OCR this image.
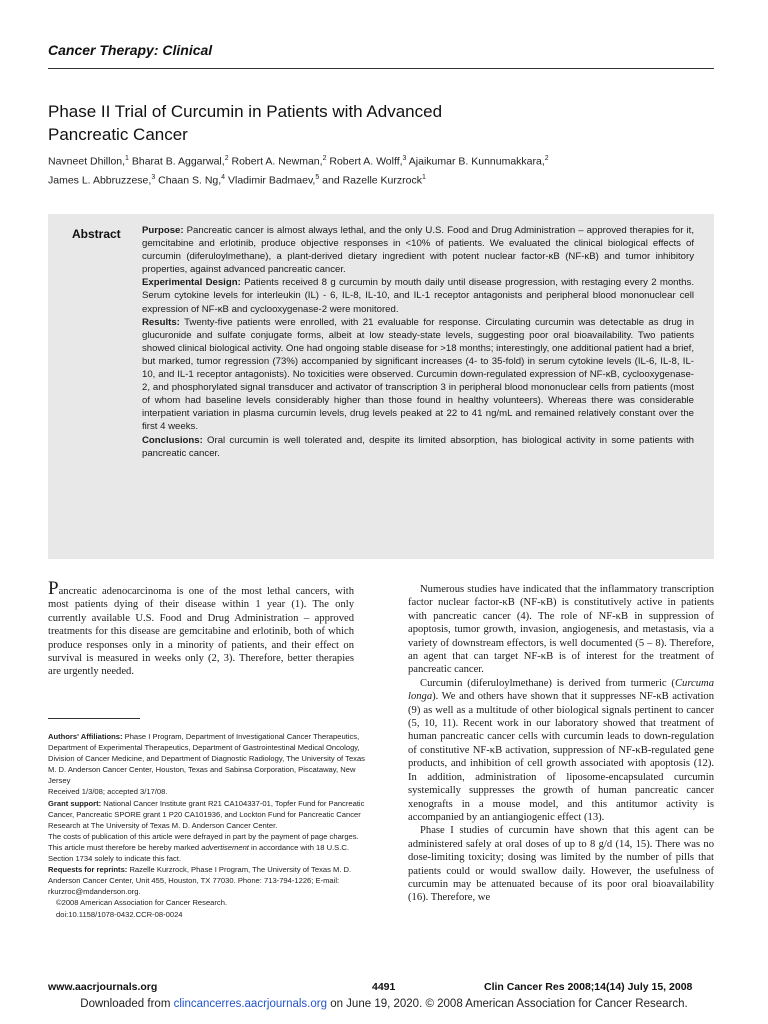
Cancer Therapy: Clinical
Phase II Trial of Curcumin in Patients with Advanced
Pancreatic Cancer
Navneet Dhillon,$^1$ Bharat B. Aggarwal,$^2$ Robert A. Newman,$^2$ Robert A. Wolff,$^3$ Ajaikumar B. Kunnumakkara,$^2$
James L. Abbruzzese,$^3$ Chaan S. Ng,$^4$ Vladimir Badmaev,$^5$ and Razelle Kurzrock$^1$
Abstract Purpose: Pancreatic cancer is almost always lethal, and the only U.S. Food and Drug Administration – approved therapies for it, gemcitabine and erlotinib, produce objective responses in <10% of patients. We evaluated the clinical biological effects of curcumin (diferuloylmethane), a plant-derived dietary ingredient with potent nuclear factor-κB (NF-κB) and tumor inhibitory properties, against advanced pancreatic cancer.

Experimental Design: Patients received 8 g curcumin by mouth daily until disease progression, with restaging every 2 months. Serum cytokine levels for interleukin (IL) - 6, IL-8, IL-10, and IL-1 receptor antagonists and peripheral blood mononuclear cell expression of NF-κB and cyclooxygenase-2 were monitored.

Results: Twenty-five patients were enrolled, with 21 evaluable for response. Circulating curcumin was detectable as drug in glucuronide and sulfate conjugate forms, albeit at low steady-state levels, suggesting poor oral bioavailability. Two patients showed clinical biological activity. One had ongoing stable disease for >18 months; interestingly, one additional patient had a brief, but marked, tumor regression (73%) accompanied by significant increases (4- to 35-fold) in serum cytokine levels (IL-6, IL-8, IL-10, and IL-1 receptor antagonists). No toxicities were observed. Curcumin down-regulated expression of NF-κB, cyclooxygenase-2, and phosphorylated signal transducer and activator of transcription 3 in peripheral blood mononuclear cells from patients (most of whom had baseline levels considerably higher than those found in healthy volunteers). Whereas there was considerable interpatient variation in plasma curcumin levels, drug levels peaked at 22 to 41 ng/mL and remained relatively constant over the first 4 weeks.

Conclusions: Oral curcumin is well tolerated and, despite its limited absorption, has biological activity in some patients with pancreatic cancer.

Pancreatic adenocarcinoma is one of the most lethal cancers, with most patients dying of their disease within 1 year (1). The only currently available U.S. Food and Drug Administration – approved treatments for this disease are gemcitabine and erlotinib, both of which produce responses only in a minority of patients, and their effect on survival is measured in weeks only (2, 3). Therefore, better therapies are urgently needed.

Authors' Affiliations: Phase I Program, Department of Investigational Cancer Therapeutics, Department of Experimental Therapeutics, Department of Gastrointestinal Medical Oncology, Division of Cancer Medicine, and Department of Diagnostic Radiology, The University of Texas M. D. Anderson Cancer Center, Houston, Texas and Sabinsa Corporation, Piscataway, New Jersey

Received 1/3/08; accepted 3/17/08.

Grant support: National Cancer Institute grant R21 CA104337-01, Topfer Fund for Pancreatic Cancer, Pancreatic SPORE grant 1 P20 CA101936, and Lockton Fund for Pancreatic Cancer Research at The University of Texas M. D. Anderson Cancer Center.

The costs of publication of this article were defrayed in part by the payment of page charges. This article must therefore be hereby marked advertisement in accordance with 18 U.S.C. Section 1734 solely to indicate this fact.

Requests for reprints: Razelle Kurzrock, Phase I Program, The University of Texas M. D. Anderson Cancer Center, Unit 455, Houston, TX 77030. Phone: 713-794-1226; E-mail: rkurzroc@mdanderson.org.

©2008 American Association for Cancer Research.

doi:10.1158/1078-0432.CCR-08-0024

Numerous studies have indicated that the inflammatory transcription factor nuclear factor-κB (NF-κB) is constitutively active in patients with pancreatic cancer (4). The role of NF-κB in suppression of apoptosis, tumor growth, invasion, angiogenesis, and metastasis, via a variety of downstream effectors, is well documented (5 – 8). Therefore, an agent that can target NF-κB is of interest for the treatment of pancreatic cancer.

Curcumin (diferuloylmethane) is derived from turmeric (Curcuma longa). We and others have shown that it suppresses NF-κB activation (9) as well as a multitude of other biological signals pertinent to cancer (5, 10, 11). Recent work in our laboratory showed that treatment of human pancreatic cancer cells with curcumin leads to down-regulation of constitutive NF-κB activation, suppression of NF-κB-regulated gene products, and inhibition of cell growth associated with apoptosis (12). In addition, administration of liposome-encapsulated curcumin systemically suppresses the growth of human pancreatic cancer xenografts in a mouse model, and this antitumor activity is accompanied by an antiangiogenic effect (13).

Phase I studies of curcumin have shown that this agent can be administered safely at oral doses of up to 8 g/d (14, 15). There was no dose-limiting toxicity; dosing was limited by the number of pills that patients could or would swallow daily. However, the usefulness of curcumin may be attenuated because of its poor oral bioavailability (16). Therefore, we

www.aacrjournals.org	4491	Clin Cancer Res 2008;14(14) July 15, 2008
Downloaded from clincancerres.aacrjournals.org on June 19, 2020. © 2008 American Association for Cancer Research.
